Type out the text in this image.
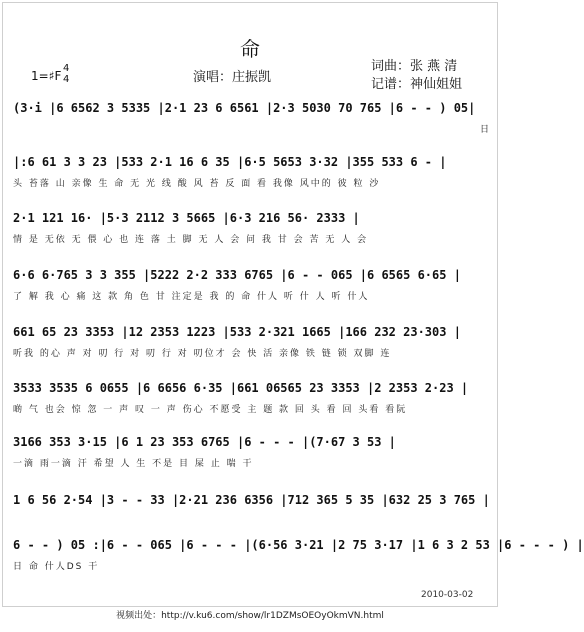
命
1=♯F
4
4	演唱：庄振凯
词曲：张 燕 清
记谱：神仙姐姐
(3·i |6 6562 3 5335 |2·1 23 6 6561 |2·3 5030 70 765 |6 - - ) 05|
日
|:6 61 3 3 23 |533 2·1 16 6 35 |6·5 5653 3·32 |355 533 6 - |
头 苔落 山 亲像 生 命 无 光 线 酸 风 苔 反 面 看 我像 风中的 彼 粒 沙
2·1 121 16· |5·3 2112 3 5665 |6·3 216 56· 2333 |
情 是 无依 无 偎 心 也 连 落 土 脚 无 人 会 问 我 甘 会 苦 无 人 会
6·6 6·765 3 3 355 |5222 2·2 333 6765 |6 - - 065 |6 6565 6·65 |
了 解 我 心 痛 这 款 角 色 甘 注定是 我 的 命 什人 听 什 人 听 什人
661 65 23 3353 |12 2353 1223 |533 2·321 1665 |166 232 23·303 |
听我 的心 声 对 叨 行 对 叨 行 对 叨位才 会 快 活 亲像 铁 链 锁 双脚 连
3533 3535 6 0655 |6 6656 6·35 |661 06565 23 3353 |2 2353 2·23 |
啲 气 也会 惊 忽 一 声 叹 一 声 伤心 不愿受 主 题 款 回 头 看 回 头看 看阮
3166 353 3·15 |6 1 23 353 6765 |6 - - - |(7·67 3 53 |
一滴 雨一滴 汗 希望 人 生 不是 目 屎 止 喘 干
1 6 56 2·54 |3 - - 33 |2·21 236 6356 |712 365 5 35 |632 25 3 765 |
6 - - ) 05 :|6 - - 065 |6 - - - |(6·56 3·21 |2 75 3·17 |1 6 3 2 53 |6 - - - ) |
日 命 什人DS 干
2010-03-02
视频出处：http://v.ku6.com/show/lr1DZMsOEOyOkmVN.html
